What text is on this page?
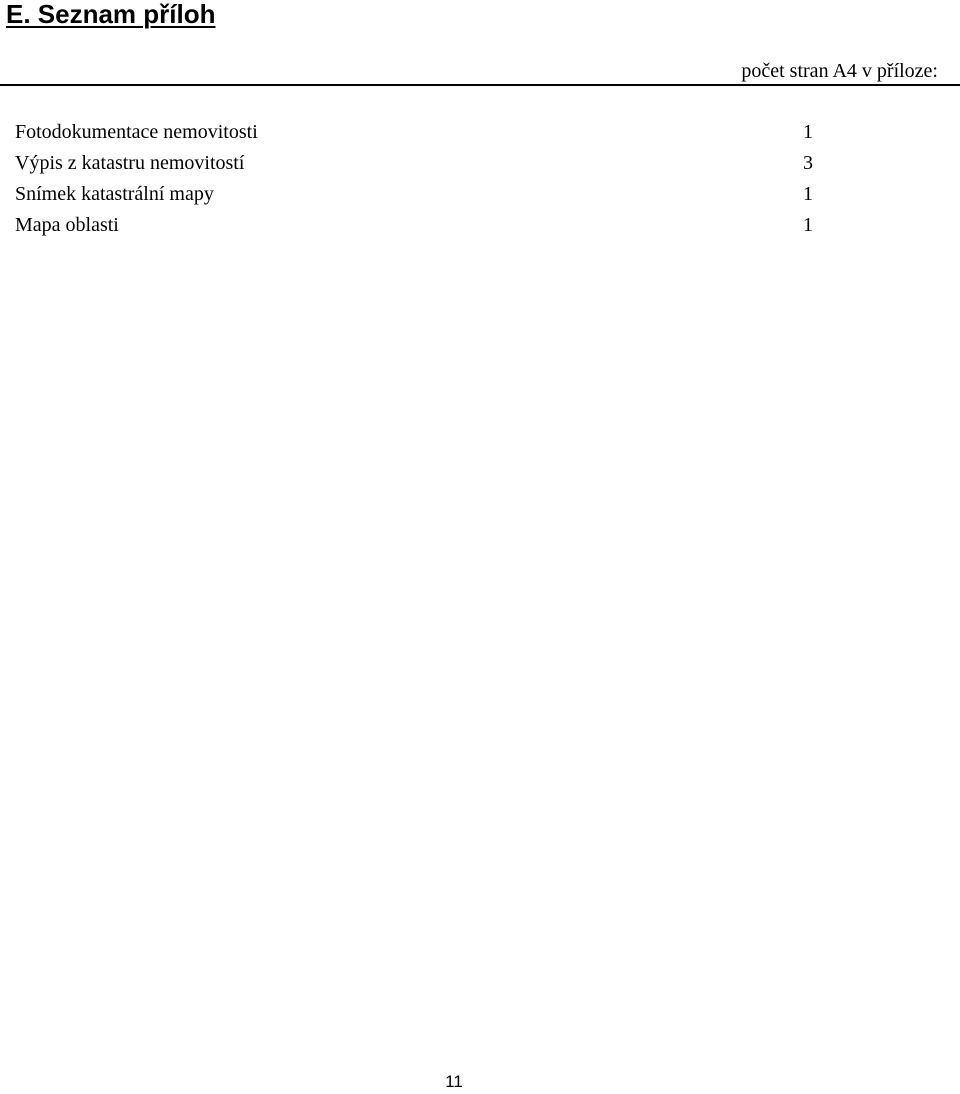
E. Seznam příloh
počet stran A4 v příloze:
Fotodokumentace nemovitosti	1
Výpis z katastru nemovitostí	3
Snímek katastrální mapy	1
Mapa oblasti	1
11
